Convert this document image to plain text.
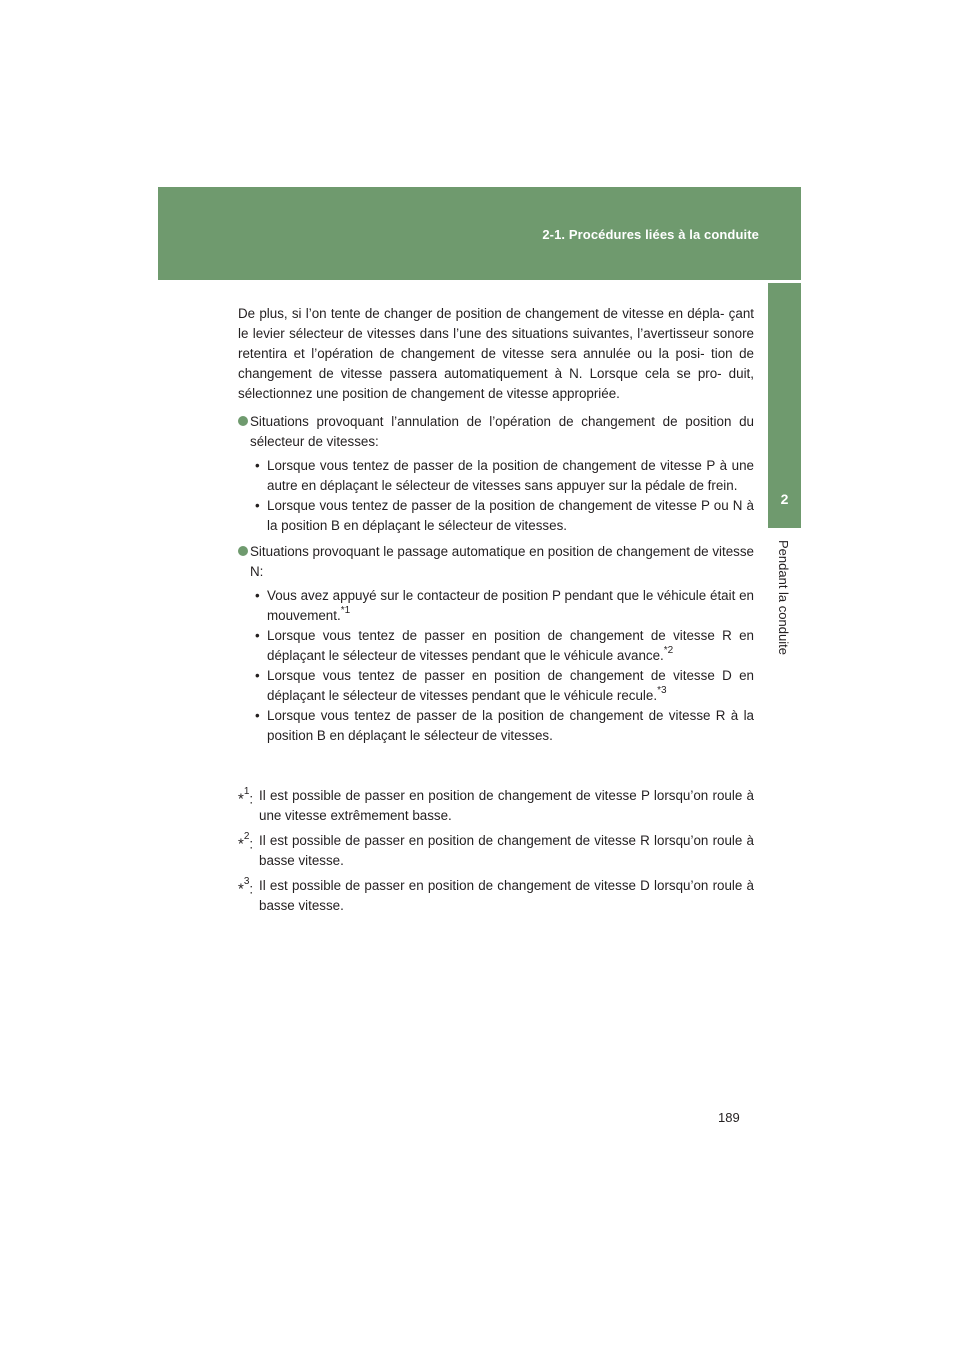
2-1. Procédures liées à la conduite
2
Pendant la conduite

De plus, si l’on tente de changer de position de changement de vitesse en dépla- çant le levier sélecteur de vitesses dans l’une des situations suivantes, l’avertisseur sonore retentira et l’opération de changement de vitesse sera annulée ou la posi- tion de changement de vitesse passera automatiquement à N. Lorsque cela se pro- duit, sélectionnez une position de changement de vitesse appropriée.

Situations provoquant l’annulation de l’opération de changement de position du sélecteur de vitesses:

• Lorsque vous tentez de passer de la position de changement de vitesse P à une autre en déplaçant le sélecteur de vitesses sans appuyer sur la pédale de frein.
• Lorsque vous tentez de passer de la position de changement de vitesse P ou N à la position B en déplaçant le sélecteur de vitesses.

Situations provoquant le passage automatique en position de changement de vitesse N:

• Vous avez appuyé sur le contacteur de position P pendant que le véhicule était en mouvement.$^{*1}$
• Lorsque vous tentez de passer en position de changement de vitesse R en déplaçant le sélecteur de vitesses pendant que le véhicule avance.$^{*2}$
• Lorsque vous tentez de passer en position de changement de vitesse D en déplaçant le sélecteur de vitesses pendant que le véhicule recule.$^{*3}$
• Lorsque vous tentez de passer de la position de changement de vitesse R à la position B en déplaçant le sélecteur de vitesses.
*$^1$: Il est possible de passer en position de changement de vitesse P lorsqu’on roule à une vitesse extrêmement basse.
*$^2$: Il est possible de passer en position de changement de vitesse R lorsqu’on roule à basse vitesse.
*$^3$: Il est possible de passer en position de changement de vitesse D lorsqu’on roule à basse vitesse.
189
